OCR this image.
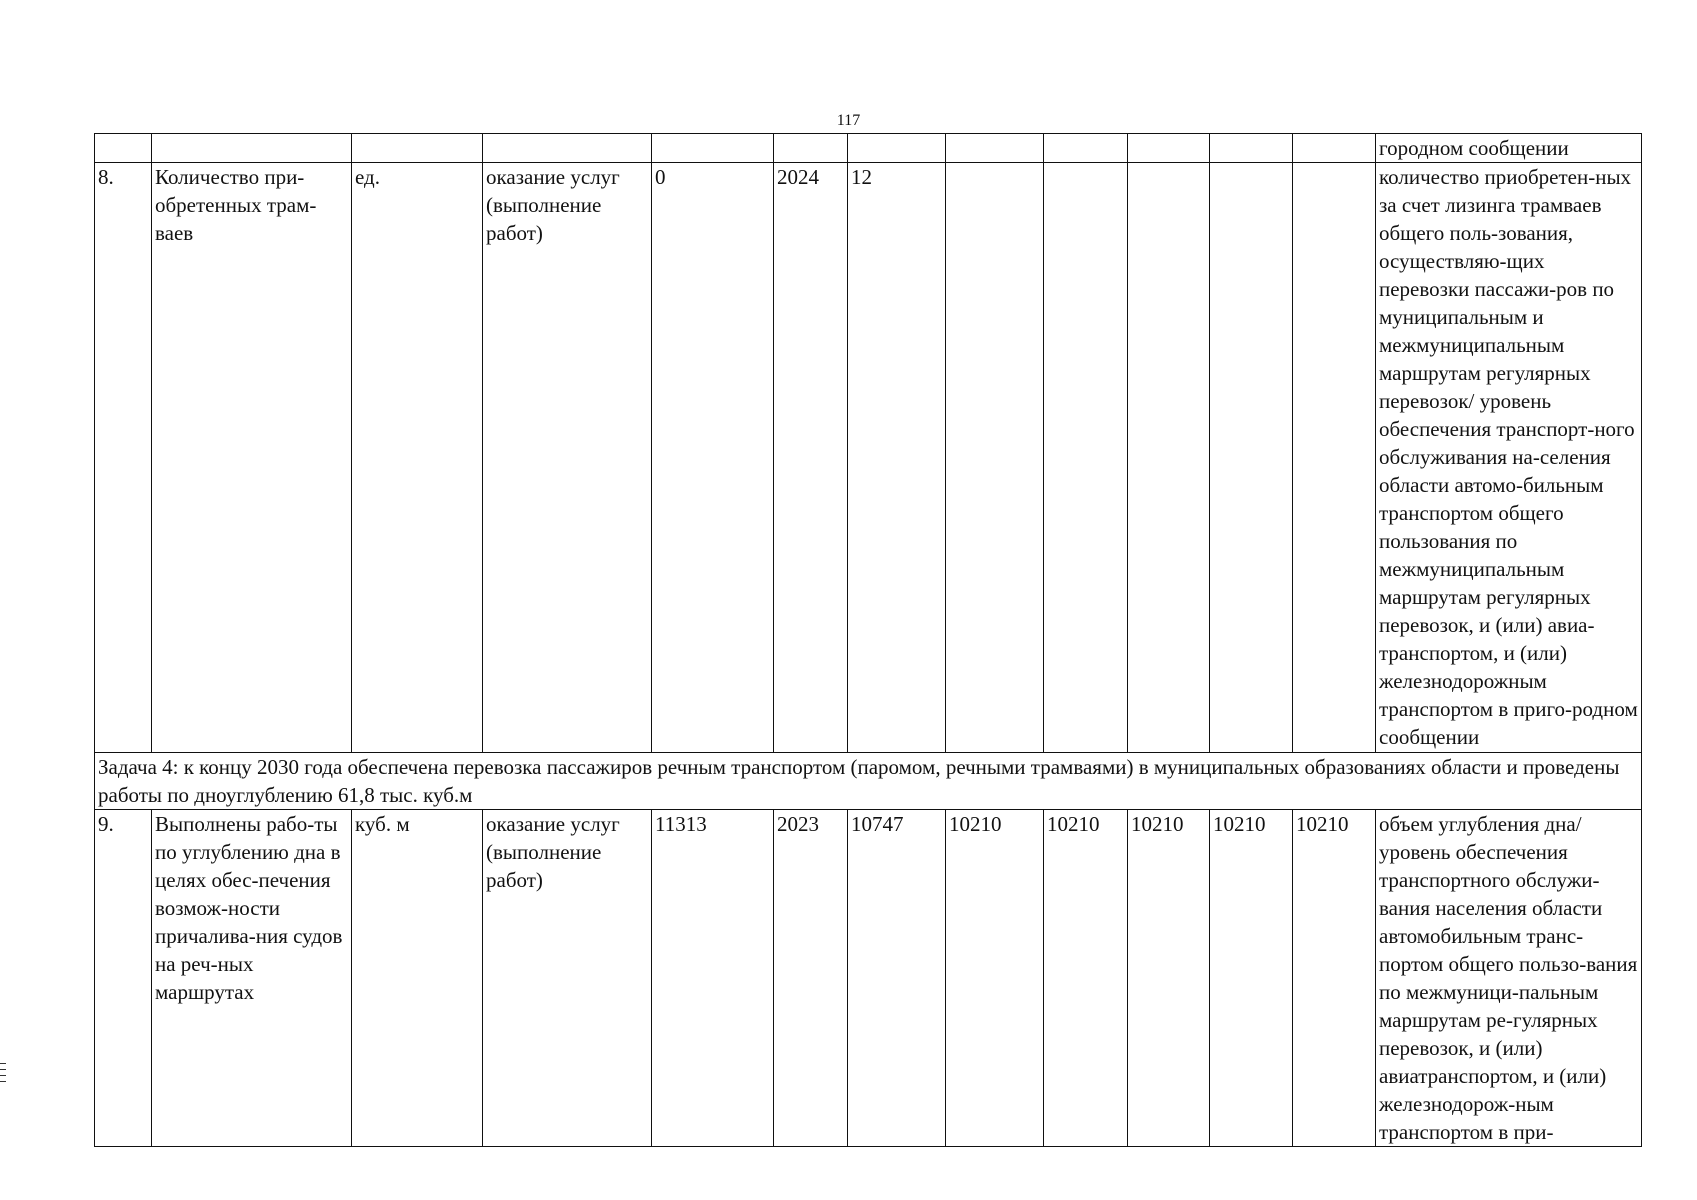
117
												городном сообщении
8.	Количество при-обретенных трам-ваев	ед.	оказание услуг (выполнение работ)	0	2024	12						количество приобретен-ных за счет лизинга трамваев общего поль-зования, осуществляю-щих перевозки пассажи-ров по муниципальным и межмуниципальным маршрутам регулярных перевозок/ уровень обеспечения транспорт-ного обслуживания на-селения области автомо-бильным транспортом общего пользования по межмуниципальным маршрутам регулярных перевозок, и (или) авиа-транспортом, и (или) железнодорожным транспортом в приго-родном сообщении
Задача 4: к концу 2030 года обеспечена перевозка пассажиров речным транспортом (паромом, речными трамваями) в муниципальных образованиях области и проведены работы по дноуглублению 61,8 тыс. куб.м												
9.	Выполнены рабо-ты по углублению дна в целях обес-печения возмож-ности причалива-ния судов на реч-ных маршрутах	куб. м	оказание услуг (выполнение работ)	11313	2023	10747	10210	10210	10210	10210	10210	объем углубления дна/ уровень обеспечения транспортного обслужи-вания населения области автомобильным транс-портом общего пользо-вания по межмуници-пальным маршрутам ре-гулярных перевозок, и (или) авиатранспортом, и (или) железнодорож-ным транспортом в при-
